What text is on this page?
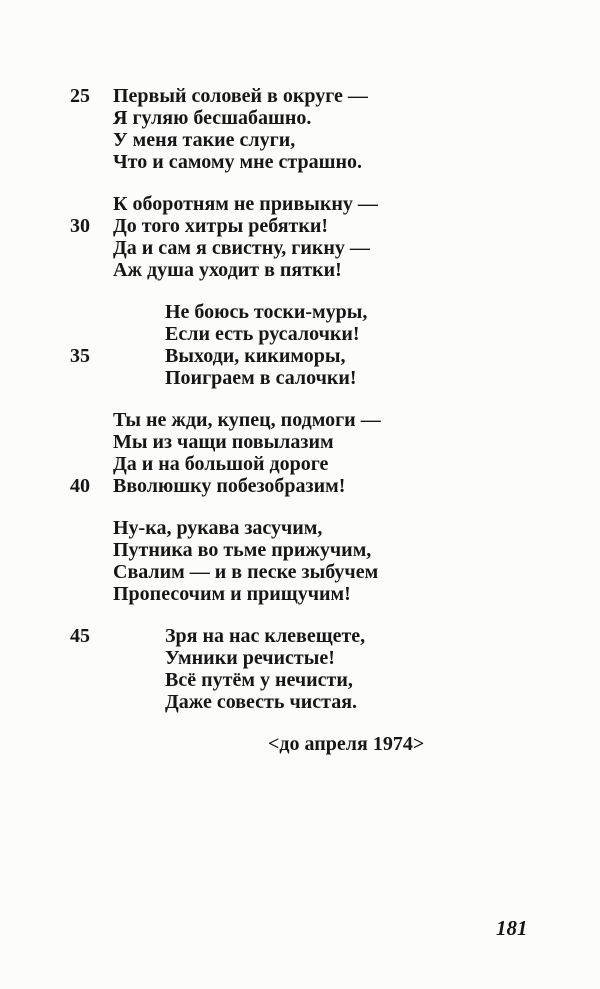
25	Первый соловей в округе —
Я гуляю бесшабашно.
У меня такие слуги,
Что и самому мне страшно.
К оборотням не привыкну —
30	До того хитры ребятки!
Да и сам я свистну, гикну —
Аж душа уходит в пятки!
Не боюсь тоски-муры,
Если есть русалочки!
35	Выходи, кикиморы,
Поиграем в салочки!
Ты не жди, купец, подмоги —
Мы из чащи повылазим
Да и на большой дороге
40	Вволюшку побезобразим!
Ну-ка, рукава засучим,
Путника во тьме прижучим,
Свалим — и в песке зыбучем
Пропесочим и прищучим!
45	Зря на нас клевещете,
Умники речистые!
Всё путём у нечисти,
Даже совесть чистая.
<до апреля 1974>
181
